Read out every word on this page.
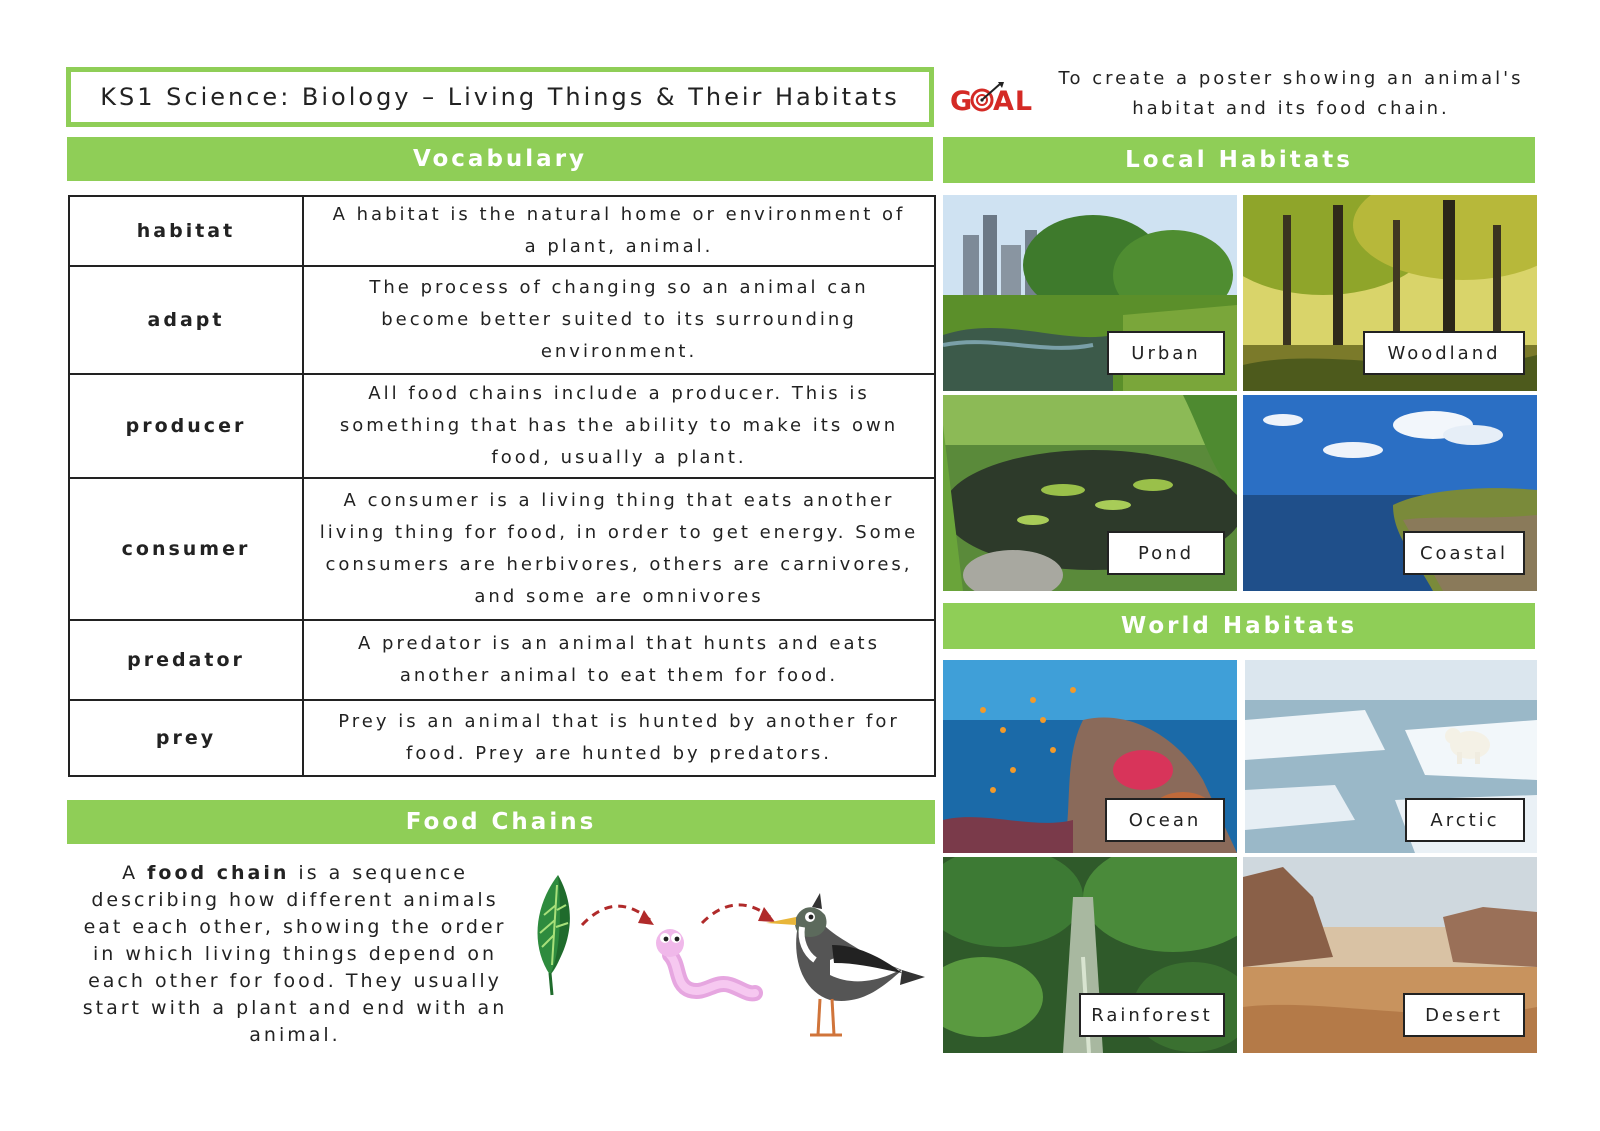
KS1 Science: Biology – Living Things & Their Habitats	G AL
To create a poster showing an animal's habitat and its food chain.
Vocabulary
habitat	A habitat is the natural home or environment of a plant, animal.
adapt	The process of changing so an animal can become better suited to its surrounding environment.
producer	All food chains include a producer. This is something that has the ability to make its own food, usually a plant.
consumer	A consumer is a living thing that eats another living thing for food, in order to get energy. Some consumers are herbivores, others are carnivores, and some are omnivores
predator	A predator is an animal that hunts and eats another animal to eat them for food.
prey	Prey is an animal that is hunted by another for food. Prey are hunted by predators.
Food Chains
A food chain is a sequence describing how different animals eat each other, showing the order in which living things depend on each other for food. They usually start with a plant and end with an animal.
Local Habitats
Urban	Woodland
Pond	Coastal
World Habitats
Ocean	Arctic
Rainforest	Desert
